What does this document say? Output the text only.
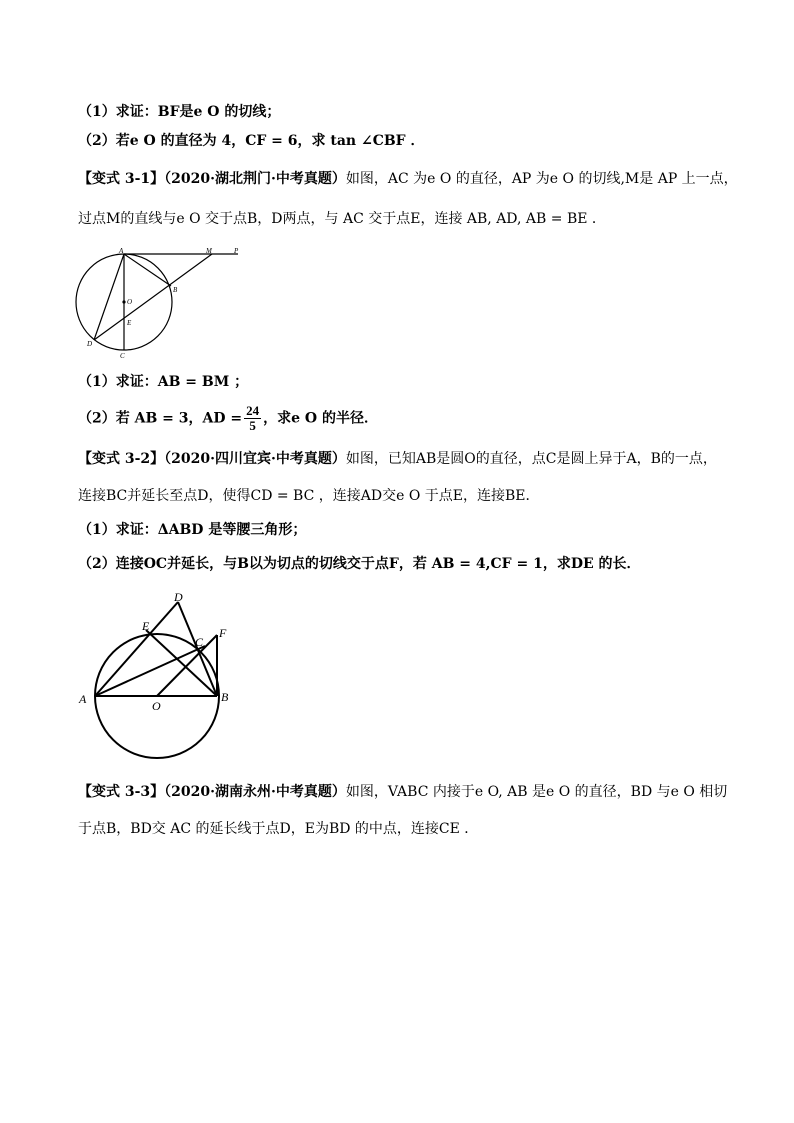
（1）求证：BF是e O 的切线；
（2）若e O 的直径为 4，CF = 6，求 tan ∠CBF ．
【变式 3-1】（2020·湖北荆门·中考真题）如图，AC 为e O 的直径，AP 为e O 的切线,M是 AP 上一点，
过点M的直线与e O 交于点B，D两点，与 AC 交于点E，连接 AB, AD, AB = BE ．
A	M	P
B
O
E
D
C
（1）求证：AB = BM ；
（2）若 AB = 3，AD = $\frac{24}{5}$ ，求e O 的半径．
【变式 3-2】（2020·四川宜宾·中考真题）如图，已知AB是圆O的直径，点C是圆上异于A，B的一点，
连接BC并延长至点D，使得CD = BC ，连接AD交e O 于点E，连接BE．
（1）求证：ΔABD 是等腰三角形；
（2）连接OC并延长，与B以为切点的切线交于点F，若 AB = 4,CF = 1，求DE 的长．
D
E
C
F
A	O
B
【变式 3-3】（2020·湖南永州·中考真题）如图，VABC 内接于e O, AB 是e O 的直径，BD 与e O 相切
于点B，BD交 AC 的延长线于点D，E为BD 的中点，连接CE ．
